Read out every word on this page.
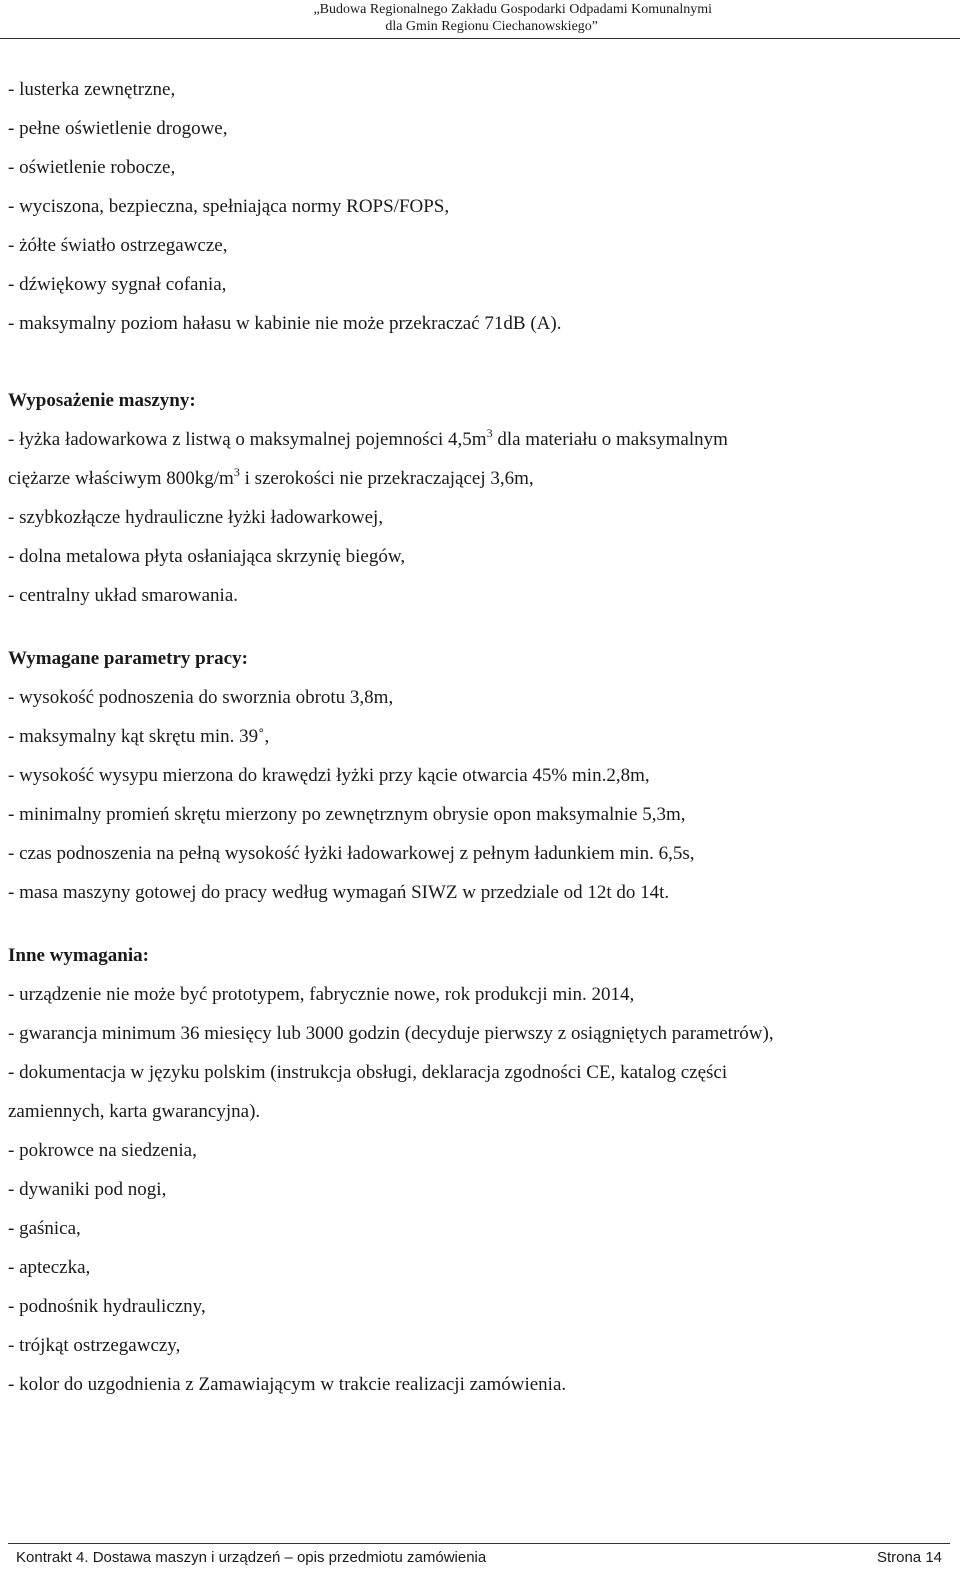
„Budowa Regionalnego Zakładu Gospodarki Odpadami Komunalnymi
dla Gmin Regionu Ciechanowskiego”
- lusterka zewnętrzne,
- pełne oświetlenie drogowe,
- oświetlenie robocze,
- wyciszona, bezpieczna, spełniająca normy ROPS/FOPS,
- żółte światło ostrzegawcze,
- dźwiękowy sygnał cofania,
- maksymalny poziom hałasu w kabinie nie może przekraczać 71dB (A).
Wyposażenie maszyny:
- łyżka ładowarkowa z listwą o maksymalnej pojemności $4,5m^3$ dla materiału o maksymalnym
ciężarze właściwym $800kg/m^3$ i szerokości nie przekraczającej 3,6m,
- szybkozłącze hydrauliczne łyżki ładowarkowej,
- dolna metalowa płyta osłaniająca skrzynię biegów,
- centralny układ smarowania.
Wymagane parametry pracy:
- wysokość podnoszenia do sworznia obrotu 3,8m,
- maksymalny kąt skrętu min. 39˚,
- wysokość wysypu mierzona do krawędzi łyżki przy kącie otwarcia 45% min.2,8m,
- minimalny promień skrętu mierzony po zewnętrznym obrysie opon maksymalnie 5,3m,
- czas podnoszenia na pełną wysokość łyżki ładowarkowej z pełnym ładunkiem min. 6,5s,
- masa maszyny gotowej do pracy według wymagań SIWZ w przedziale od 12t do 14t.
Inne wymagania:
- urządzenie nie może być prototypem, fabrycznie nowe, rok produkcji min. 2014,
- gwarancja minimum 36 miesięcy lub 3000 godzin (decyduje pierwszy z osiągniętych parametrów),
- dokumentacja w języku polskim (instrukcja obsługi, deklaracja zgodności CE, katalog części
zamiennych, karta gwarancyjna).
- pokrowce na siedzenia,
- dywaniki pod nogi,
- gaśnica,
- apteczka,
- podnośnik hydrauliczny,
- trójkąt ostrzegawczy,
- kolor do uzgodnienia z Zamawiającym w trakcie realizacji zamówienia.
Kontrakt 4. Dostawa maszyn i urządzeń – opis przedmiotu zamówienia	Strona 14
